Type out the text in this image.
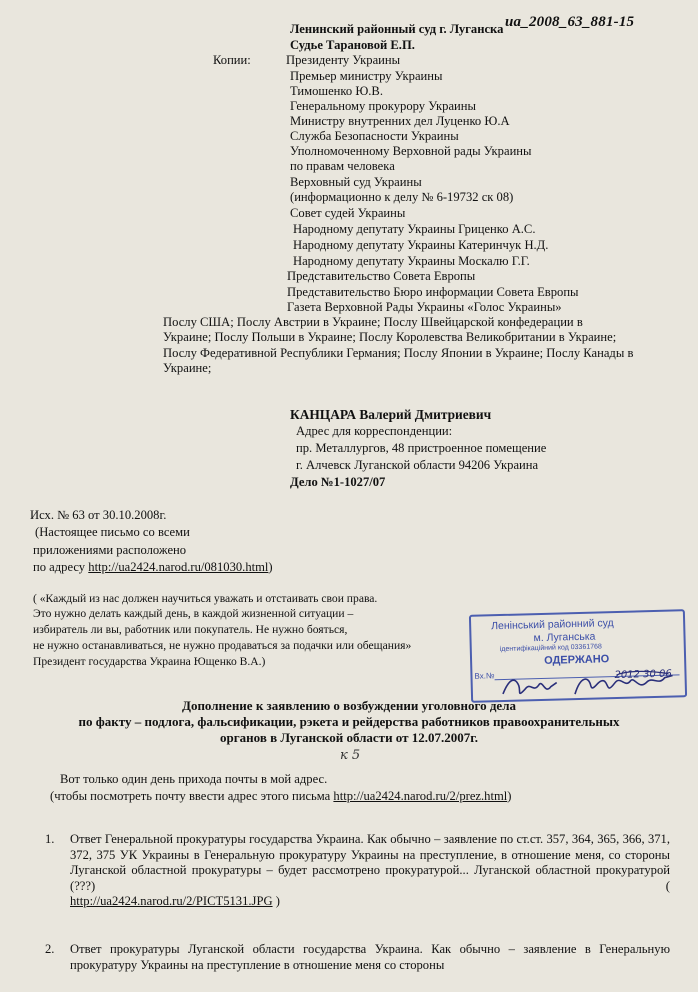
ua_2008_63_881-15
Ленинский районный суд г. Луганска
Судье Тарановой Е.П.
Копии:	Президенту Украины
Премьер министру Украины
Тимошенко Ю.В.
Генеральному прокурору Украины
Министру внутренних дел Луценко Ю.А
Служба Безопасности Украины
Уполномоченному Верховной рады Украины
по правам человека
Верховный суд Украины
(информационно к делу № 6-19732 ск 08)
Совет судей Украины
Народному депутату Украины Гриценко А.С.
Народному депутату Украины Катеринчук Н.Д.
Народному депутату Украины Москалю Г.Г.
Представительство Совета Европы
Представительство Бюро информации Совета Европы
Газета Верховной Рады Украины «Голос Украины»
Послу США; Послу Австрии в Украине; Послу Швейцарской конфедерации в
Украине; Послу Польши в Украине; Послу Королевства Великобритании в Украине;
Послу Федеративной Республики Германия; Послу Японии в Украине; Послу Канады в
Украине;
КАНЦАРА Валерий Дмитриевич
Адрес для корреспонденции:
пр. Металлургов, 48 пристроенное помещение
г. Алчевск Луганской области 94206 Украина
Дело №1-1027/07
Исх. № 63 от 30.10.2008г.
(Настоящее письмо со всеми
приложениями расположено
по адресу http://ua2424.narod.ru/081030.html)
( «Каждый из нас должен научиться уважать и отстаивать свои права.
Это нужно делать каждый день, в каждой жизненной ситуации –
избиратель ли вы, работник или покупатель. Не нужно бояться,
не нужно останавливаться, не нужно продаваться за подачки или обещания»
Президент государства Украина Ющенко В.А.)
Ленінський районний суд
м. Луганська
ідентифікаційний код 03361768
ОДЕРЖАНО
Вх.№	2012 30 06
Дополнение к заявлению о возбуждении уголовного дела
по факту – подлога, фальсификации, рэкета и рейдерства работников правоохранительных
органов в Луганской области от 12.07.2007г.
к 5
Вот только один день прихода почты в мой адрес.
(чтобы посмотреть почту ввести адрес этого письма http://ua2424.narod.ru/2/prez.html)
1. Ответ Генеральной прокуратуры государства Украина. Как обычно – заявление по ст.ст. 357, 364, 365, 366, 371, 372, 375 УК Украины в Генеральную прокуратуру Украины на преступление, в отношение меня, со стороны Луганской областной прокуратуры – будет рассмотрено прокуратурой... Луганской областной прокуратурой (???)	(

http://ua2424.narod.ru/2/PICT5131.JPG )
2. Ответ прокуратуры Луганской области государства Украина. Как обычно – заявление в Генеральную прокуратуру Украины на преступление в отношение меня со стороны
